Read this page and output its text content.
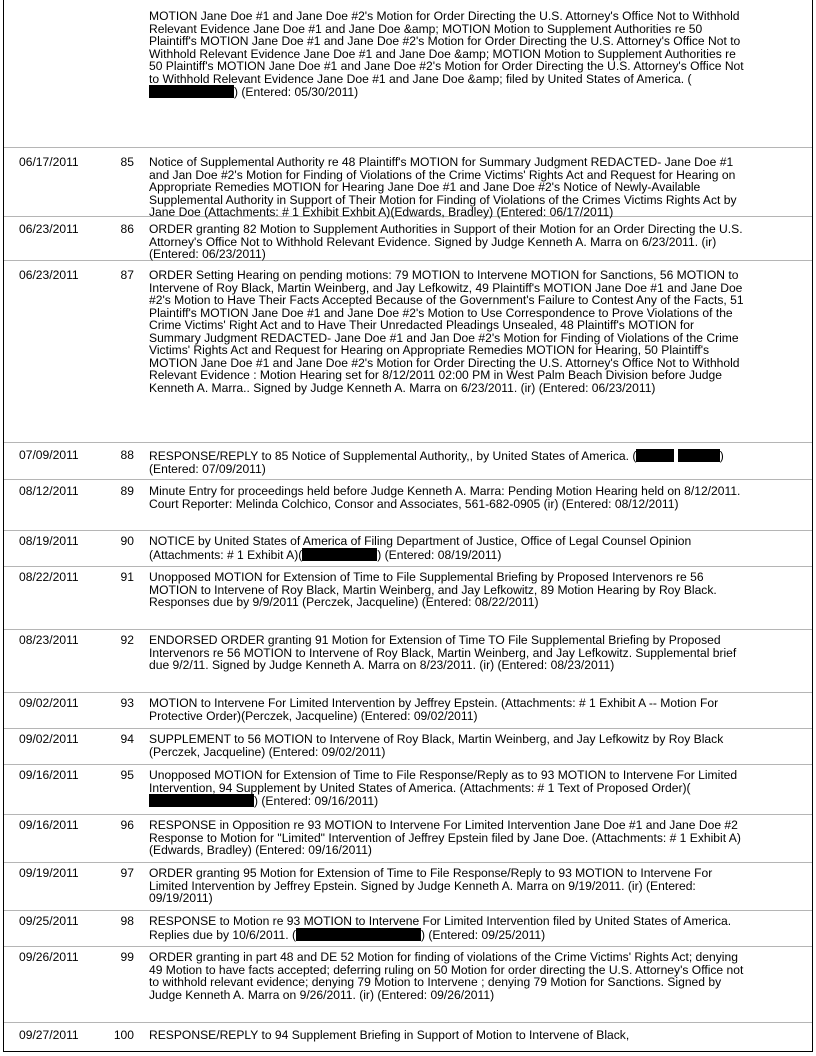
MOTION Jane Doe #1 and Jane Doe #2's Motion for Order Directing the U.S. Attorney's Office Not to Withhold Relevant Evidence Jane Doe #1 and Jane Doe &amp; MOTION Motion to Supplement Authorities re 50 Plaintiff's MOTION Jane Doe #1 and Jane Doe #2's Motion for Order Directing the U.S. Attorney's Office Not to Withhold Relevant Evidence Jane Doe #1 and Jane Doe &amp; MOTION Motion to Supplement Authorities re 50 Plaintiff's MOTION Jane Doe #1 and Jane Doe #2's Motion for Order Directing the U.S. Attorney's Office Not to Withhold Relevant Evidence Jane Doe #1 and Jane Doe &amp; filed by United States of America. () (Entered: 05/30/2011)
06/17/2011	85 Notice of Supplemental Authority re 48 Plaintiff's MOTION for Summary Judgment REDACTED- Jane Doe #1 and Jan Doe #2's Motion for Finding of Violations of the Crime Victims' Rights Act and Request for Hearing on Appropriate Remedies MOTION for Hearing Jane Doe #1 and Jane Doe #2's Notice of Newly-Available Supplemental Authority in Support of Their Motion for Finding of Violations of the Crimes Victims Rights Act by Jane Doe (Attachments: # 1 Exhibit Exhbit A)(Edwards, Bradley) (Entered: 06/17/2011)
06/23/2011	86 ORDER granting 82 Motion to Supplement Authorities in Support of their Motion for an Order Directing the U.S. Attorney's Office Not to Withhold Relevant Evidence. Signed by Judge Kenneth A. Marra on 6/23/2011. (ir) (Entered: 06/23/2011)
06/23/2011	87 ORDER Setting Hearing on pending motions: 79 MOTION to Intervene MOTION for Sanctions, 56 MOTION to Intervene of Roy Black, Martin Weinberg, and Jay Lefkowitz, 49 Plaintiff's MOTION Jane Doe #1 and Jane Doe #2's Motion to Have Their Facts Accepted Because of the Government's Failure to Contest Any of the Facts, 51 Plaintiff's MOTION Jane Doe #1 and Jane Doe #2's Motion to Use Correspondence to Prove Violations of the Crime Victims' Right Act and to Have Their Unredacted Pleadings Unsealed, 48 Plaintiff's MOTION for Summary Judgment REDACTED- Jane Doe #1 and Jan Doe #2's Motion for Finding of Violations of the Crime Victims' Rights Act and Request for Hearing on Appropriate Remedies MOTION for Hearing, 50 Plaintiff's MOTION Jane Doe #1 and Jane Doe #2's Motion for Order Directing the U.S. Attorney's Office Not to Withhold Relevant Evidence : Motion Hearing set for 8/12/2011 02:00 PM in West Palm Beach Division before Judge Kenneth A. Marra.. Signed by Judge Kenneth A. Marra on 6/23/2011. (ir) (Entered: 06/23/2011)
07/09/2011	88 RESPONSE/REPLY to 85 Notice of Supplemental Authority,, by United States of America. (	) (Entered: 07/09/2011)
08/12/2011	89 Minute Entry for proceedings held before Judge Kenneth A. Marra: Pending Motion Hearing held on 8/12/2011. Court Reporter: Melinda Colchico, Consor and Associates, 561-682-0905 (ir) (Entered: 08/12/2011)
08/19/2011	90 NOTICE by United States of America of Filing Department of Justice, Office of Legal Counsel Opinion (Attachments: # 1 Exhibit A)(	) (Entered: 08/19/2011)
08/22/2011	91 Unopposed MOTION for Extension of Time to File Supplemental Briefing by Proposed Intervenors re 56 MOTION to Intervene of Roy Black, Martin Weinberg, and Jay Lefkowitz, 89 Motion Hearing by Roy Black. Responses due by 9/9/2011 (Perczek, Jacqueline) (Entered: 08/22/2011)
08/23/2011	92 ENDORSED ORDER granting 91 Motion for Extension of Time TO File Supplemental Briefing by Proposed Intervenors re 56 MOTION to Intervene of Roy Black, Martin Weinberg, and Jay Lefkowitz. Supplemental brief due 9/2/11. Signed by Judge Kenneth A. Marra on 8/23/2011. (ir) (Entered: 08/23/2011)
09/02/2011	93 MOTION to Intervene For Limited Intervention by Jeffrey Epstein. (Attachments: # 1 Exhibit A -- Motion For Protective Order)(Perczek, Jacqueline) (Entered: 09/02/2011)
09/02/2011	94 SUPPLEMENT to 56 MOTION to Intervene of Roy Black, Martin Weinberg, and Jay Lefkowitz by Roy Black (Perczek, Jacqueline) (Entered: 09/02/2011)
09/16/2011	95 Unopposed MOTION for Extension of Time to File Response/Reply as to 93 MOTION to Intervene For Limited Intervention, 94 Supplement by United States of America. (Attachments: # 1 Text of Proposed Order)() (Entered: 09/16/2011)
09/16/2011	96 RESPONSE in Opposition re 93 MOTION to Intervene For Limited Intervention Jane Doe #1 and Jane Doe #2 Response to Motion for "Limited" Intervention of Jeffrey Epstein filed by Jane Doe. (Attachments: # 1 Exhibit A)(Edwards, Bradley) (Entered: 09/16/2011)
09/19/2011	97 ORDER granting 95 Motion for Extension of Time to File Response/Reply to 93 MOTION to Intervene For Limited Intervention by Jeffrey Epstein. Signed by Judge Kenneth A. Marra on 9/19/2011. (ir) (Entered: 09/19/2011)
09/25/2011	98 RESPONSE to Motion re 93 MOTION to Intervene For Limited Intervention filed by United States of America. Replies due by 10/6/2011. (	) (Entered: 09/25/2011)
09/26/2011	99 ORDER granting in part 48 and DE 52 Motion for finding of violations of the Crime Victims' Rights Act; denying 49 Motion to have facts accepted; deferring ruling on 50 Motion for order directing the U.S. Attorney's Office not to withhold relevant evidence; denying 79 Motion to Intervene ; denying 79 Motion for Sanctions. Signed by Judge Kenneth A. Marra on 9/26/2011. (ir) (Entered: 09/26/2011)
09/27/2011	100 RESPONSE/REPLY to 94 Supplement Briefing in Support of Motion to Intervene of Black,
